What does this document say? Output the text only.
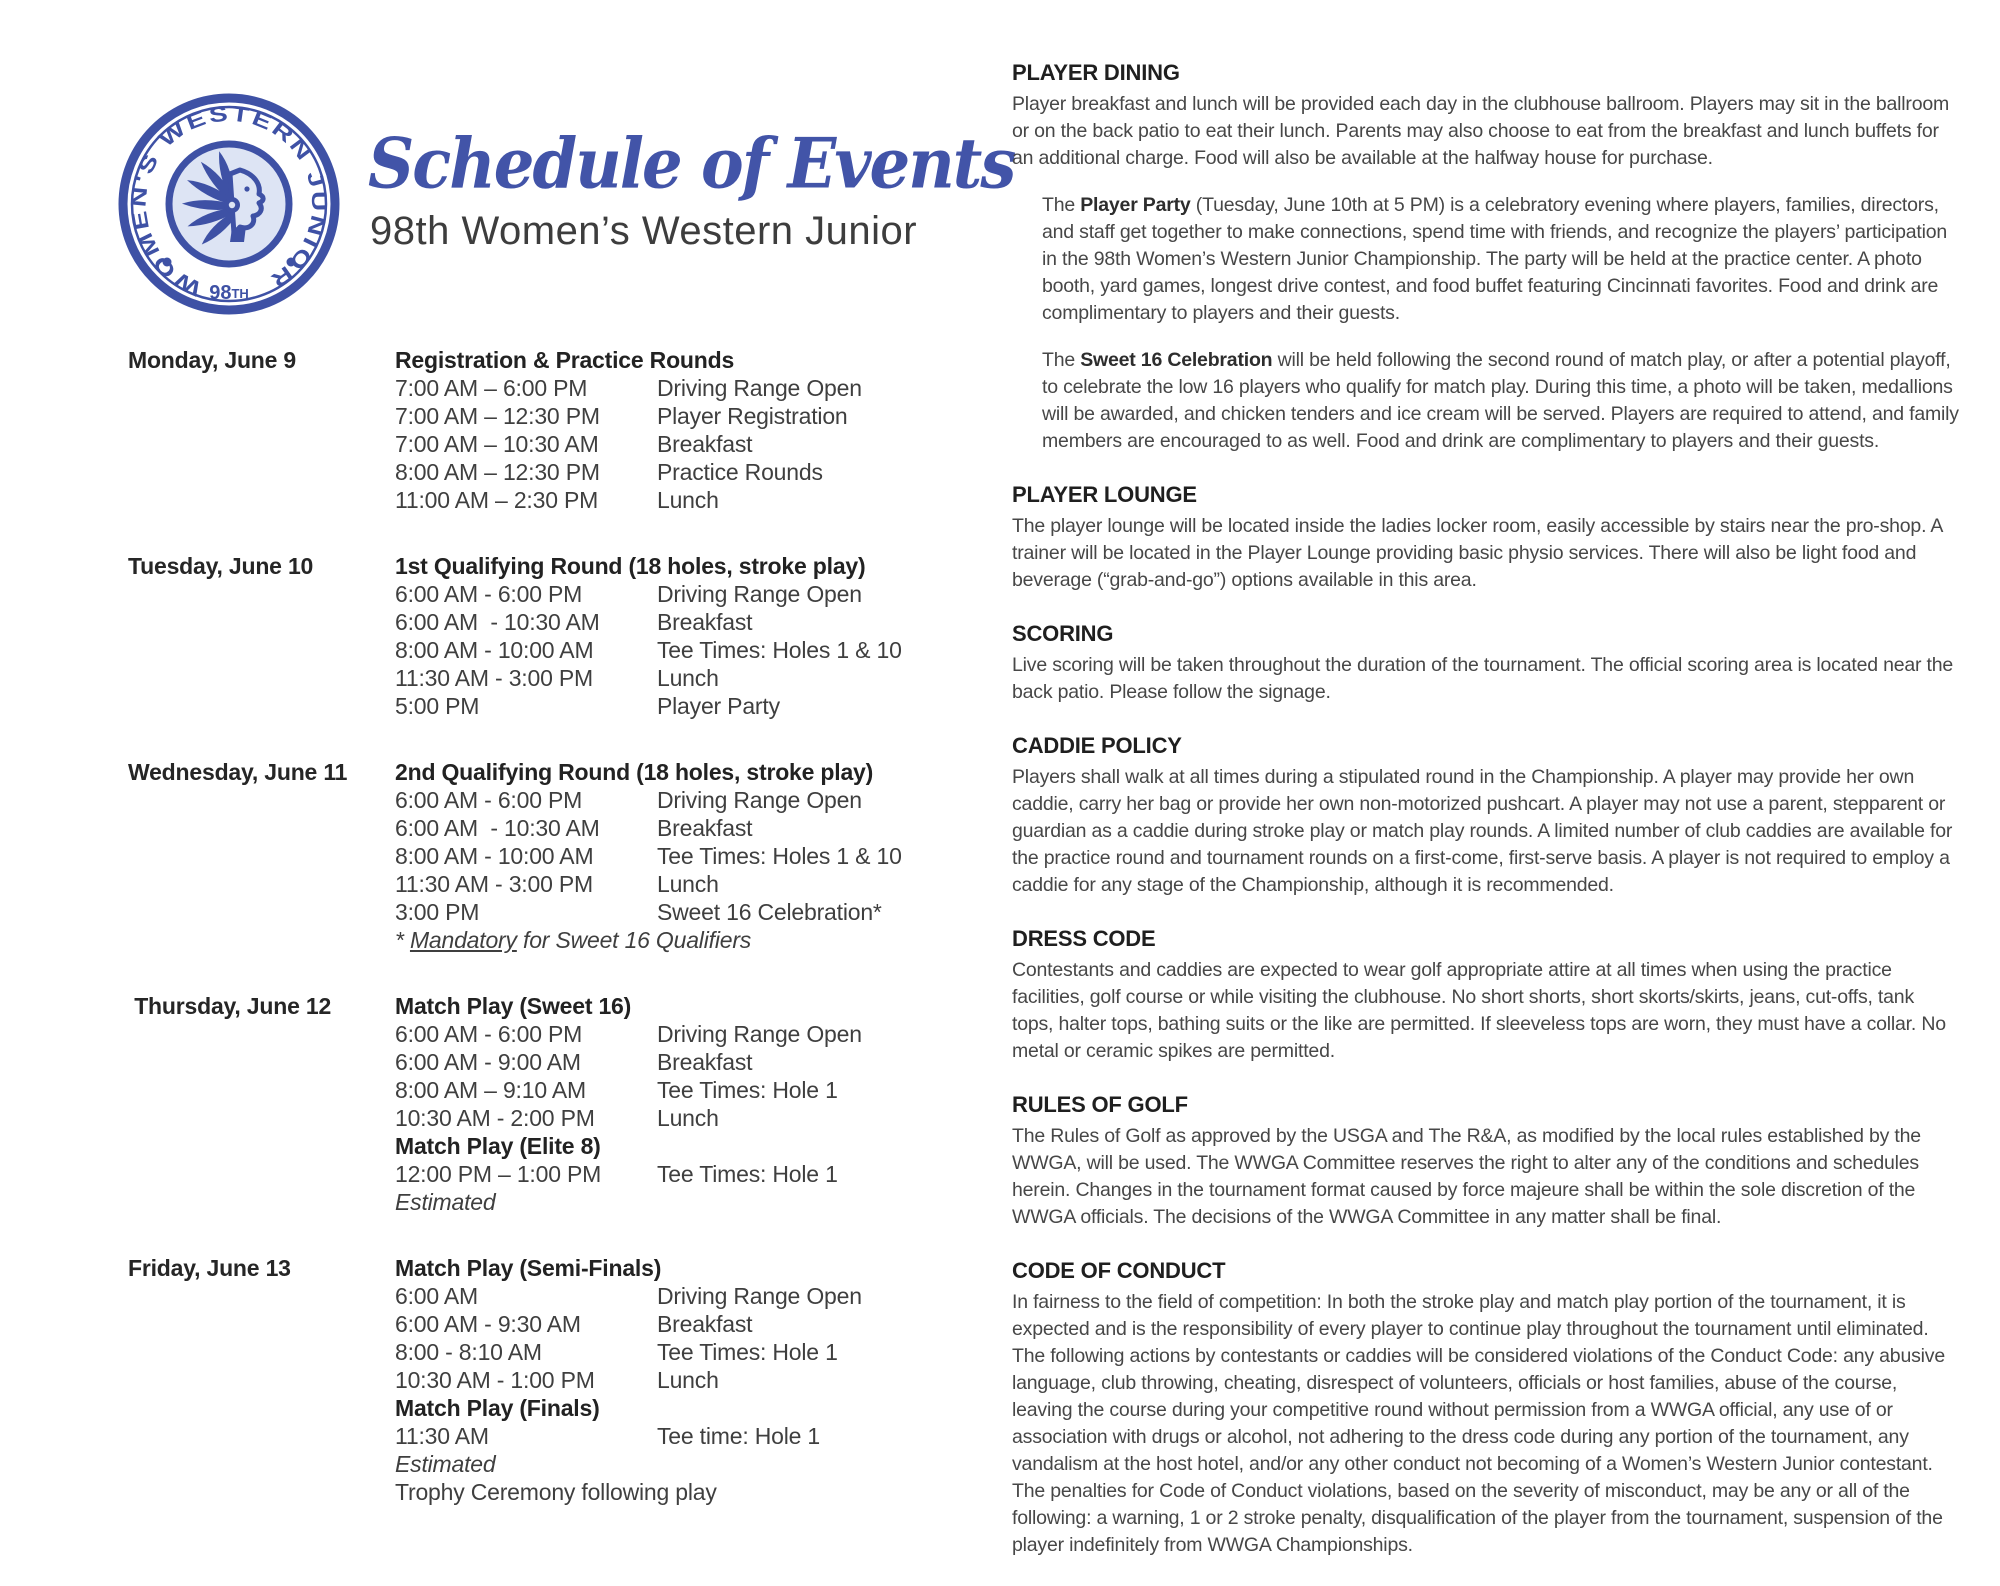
WOMEN'S WESTERN JUNIOR
98TH
Schedule of Events
98th Women’s Western Junior
Monday, June 9	Registration & Practice Rounds
7:00 AM – 6:00 PM	Driving Range Open
7:00 AM – 12:30 PM	Player Registration
7:00 AM – 10:30 AM	Breakfast
8:00 AM – 12:30 PM	Practice Rounds
11:00 AM – 2:30 PM	Lunch
Tuesday, June 10	1st Qualifying Round (18 holes, stroke play)
6:00 AM - 6:00 PM	Driving Range Open
6:00 AM  - 10:30 AM	Breakfast
8:00 AM - 10:00 AM	Tee Times: Holes 1 & 10
11:30 AM - 3:00 PM	Lunch
5:00 PM	Player Party
Wednesday, June 11	2nd Qualifying Round (18 holes, stroke play)
6:00 AM - 6:00 PM	Driving Range Open
6:00 AM  - 10:30 AM	Breakfast
8:00 AM - 10:00 AM	Tee Times: Holes 1 & 10
11:30 AM - 3:00 PM	Lunch
3:00 PM	Sweet 16 Celebration*
* Mandatory for Sweet 16 Qualifiers
Thursday, June 12	Match Play (Sweet 16)
6:00 AM - 6:00 PM	Driving Range Open
6:00 AM - 9:00 AM	Breakfast
8:00 AM – 9:10 AM	Tee Times: Hole 1
10:30 AM - 2:00 PM	Lunch
Match Play (Elite 8)
12:00 PM – 1:00 PM	Tee Times: Hole 1
Estimated
Friday, June 13	Match Play (Semi-Finals)
6:00 AM	Driving Range Open
6:00 AM - 9:30 AM	Breakfast
8:00 - 8:10 AM	Tee Times: Hole 1
10:30 AM - 1:00 PM	Lunch
Match Play (Finals)
11:30 AM	Tee time: Hole 1
Estimated
Trophy Ceremony following play
PLAYER DINING

Player breakfast and lunch will be provided each day in the clubhouse ballroom. Players may sit in the ballroom or on the back patio to eat their lunch. Parents may also choose to eat from the breakfast and lunch buffets for an additional charge. Food will also be available at the halfway house for purchase.

The Player Party (Tuesday, June 10th at 5 PM) is a celebratory evening where players, families, directors, and staff get together to make connections, spend time with friends, and recognize the players’ participation in the 98th Women’s Western Junior Championship. The party will be held at the practice center. A photo booth, yard games, longest drive contest, and food buffet featuring Cincinnati favorites. Food and drink are complimentary to players and their guests.

The Sweet 16 Celebration will be held following the second round of match play, or after a potential playoff, to celebrate the low 16 players who qualify for match play. During this time, a photo will be taken, medallions will be awarded, and chicken tenders and ice cream will be served. Players are required to attend, and family members are encouraged to as well. Food and drink are complimentary to players and their guests.

PLAYER LOUNGE

The player lounge will be located inside the ladies locker room, easily accessible by stairs near the pro-shop. A trainer will be located in the Player Lounge providing basic physio services. There will also be light food and beverage (“grab-and-go”) options available in this area.

SCORING

Live scoring will be taken throughout the duration of the tournament. The official scoring area is located near the back patio. Please follow the signage.

CADDIE POLICY

Players shall walk at all times during a stipulated round in the Championship. A player may provide her own caddie, carry her bag or provide her own non-motorized pushcart. A player may not use a parent, stepparent or guardian as a caddie during stroke play or match play rounds. A limited number of club caddies are available for the practice round and tournament rounds on a first-come, first-serve basis. A player is not required to employ a caddie for any stage of the Championship, although it is recommended.

DRESS CODE

Contestants and caddies are expected to wear golf appropriate attire at all times when using the practice facilities, golf course or while visiting the clubhouse. No short shorts, short skorts/skirts, jeans, cut-offs, tank tops, halter tops, bathing suits or the like are permitted. If sleeveless tops are worn, they must have a collar. No metal or ceramic spikes are permitted.

RULES OF GOLF

The Rules of Golf as approved by the USGA and The R&A, as modified by the local rules established by the WWGA, will be used. The WWGA Committee reserves the right to alter any of the conditions and schedules herein. Changes in the tournament format caused by force majeure shall be within the sole discretion of the WWGA officials. The decisions of the WWGA Committee in any matter shall be final.

CODE OF CONDUCT

In fairness to the field of competition: In both the stroke play and match play portion of the tournament, it is expected and is the responsibility of every player to continue play throughout the tournament until eliminated. The following actions by contestants or caddies will be considered violations of the Conduct Code: any abusive language, club throwing, cheating, disrespect of volunteers, officials or host families, abuse of the course, leaving the course during your competitive round without permission from a WWGA official, any use of or association with drugs or alcohol, not adhering to the dress code during any portion of the tournament, any vandalism at the host hotel, and/or any other conduct not becoming of a Women’s Western Junior contestant. The penalties for Code of Conduct violations, based on the severity of misconduct, may be any or all of the following: a warning, 1 or 2 stroke penalty, disqualification of the player from the tournament, suspension of the player indefinitely from WWGA Championships.
